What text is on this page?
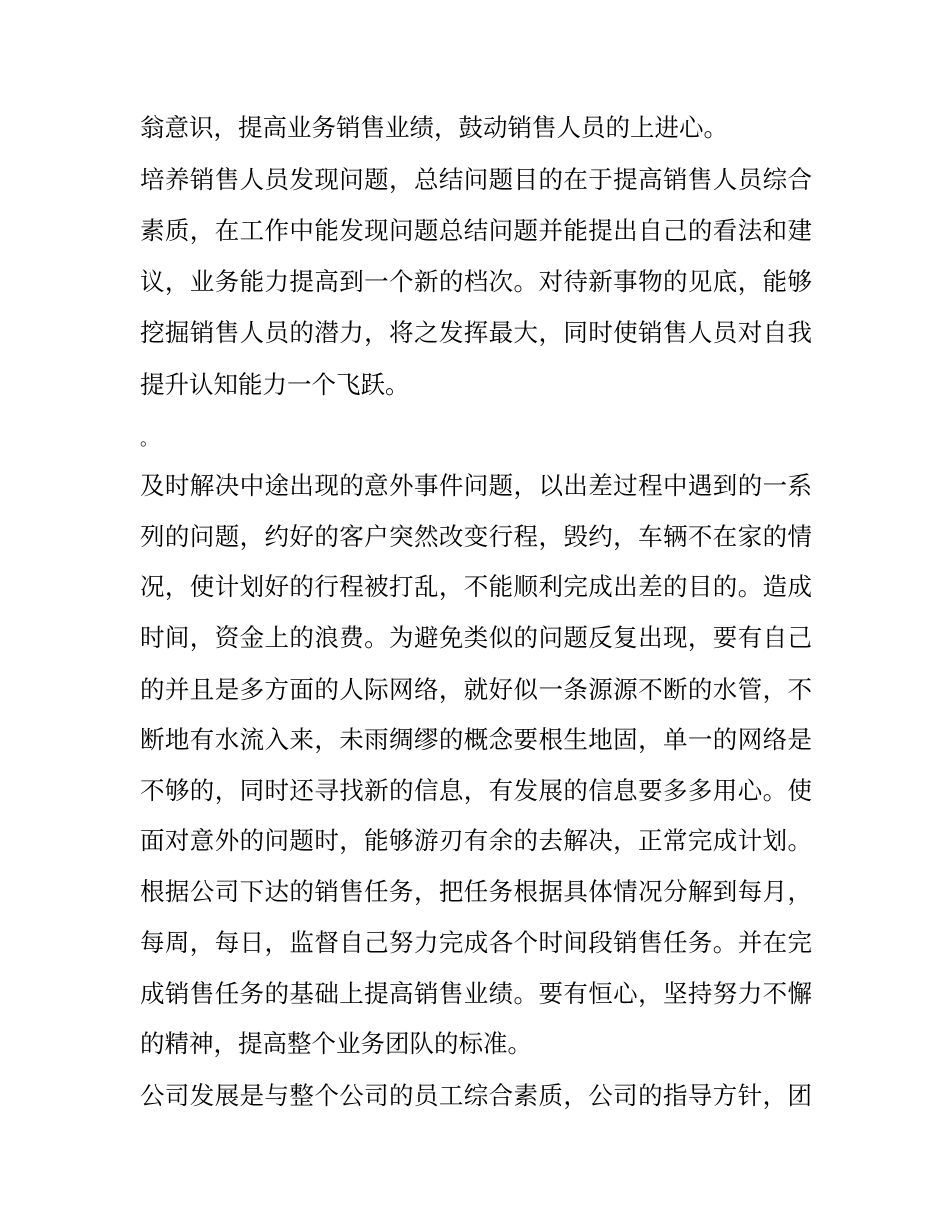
翁意识，提高业务销售业绩，鼓动销售人员的上进心。
培养销售人员发现问题，总结问题目的在于提高销售人员综合
素质，在工作中能发现问题总结问题并能提出自己的看法和建
议，业务能力提高到一个新的档次。对待新事物的见底，能够
挖掘销售人员的潜力，将之发挥最大，同时使销售人员对自我
提升认知能力一个飞跃。
。
及时解决中途出现的意外事件问题，以出差过程中遇到的一系
列的问题，约好的客户突然改变行程，毁约，车辆不在家的情
况，使计划好的行程被打乱，不能顺利完成出差的目的。造成
时间，资金上的浪费。为避免类似的问题反复出现，要有自己
的并且是多方面的人际网络，就好似一条源源不断的水管，不
断地有水流入来，未雨绸缪的概念要根生地固，单一的网络是
不够的，同时还寻找新的信息，有发展的信息要多多用心。使
面对意外的问题时，能够游刃有余的去解决，正常完成计划。
根据公司下达的销售任务，把任务根据具体情况分解到每月，
每周，每日，监督自己努力完成各个时间段销售任务。并在完
成销售任务的基础上提高销售业绩。要有恒心，坚持努力不懈
的精神，提高整个业务团队的标准。
公司发展是与整个公司的员工综合素质，公司的指导方针，团
